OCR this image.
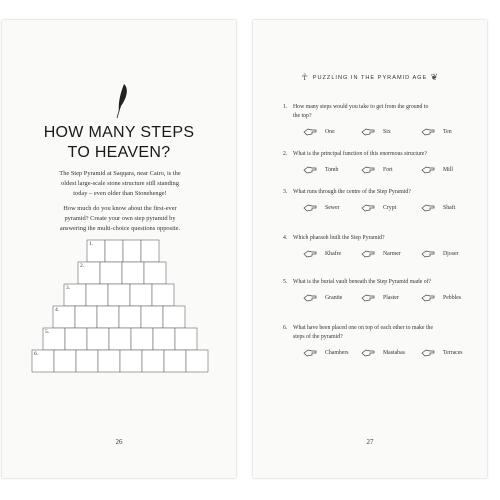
HOW MANY STEPS
TO HEAVEN?
The Step Pyramid at Saqqara, near Cairo, is the
oldest large-scale stone structure still standing
today – even older than Stonehenge!
How much do you know about the first-ever
pyramid? Create your own step pyramid by
answering the multi-choice questions opposite.
1.
2.
3.
4.
5.
6.
26
☥ PUZZLING IN THE PYRAMID AGE ❦
1. How many steps would you take to get from the ground to
the top?
One	Six	Ten
2. What is the principal function of this enormous structure?
Tomb	Fort	Mill
3. What runs through the centre of the Step Pyramid?
Sewer	Crypt	Shaft
4. Which pharaoh built the Step Pyramid?
Khafre	Narmer	Djoser
5. What is the burial vault beneath the Step Pyramid made of?
Granite	Plaster	Pebbles
6. What have been placed one on top of each other to make the
steps of the pyramid?
Chambers	Mastabas	Terraces
27
